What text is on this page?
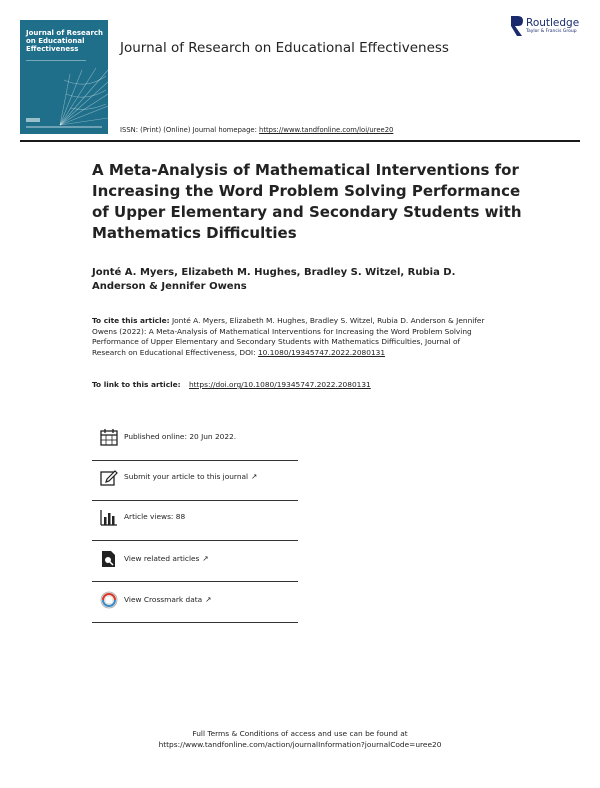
Journal of Research on Educational Effectiveness	Journal of Research on Educational Effectiveness
Routledge
Taylor & Francis Group
ISSN: (Print) (Online) Journal homepage: https://www.tandfonline.com/loi/uree20
A Meta-Analysis of Mathematical Interventions for Increasing the Word Problem Solving Performance of Upper Elementary and Secondary Students with Mathematics Difficulties
Jonté A. Myers, Elizabeth M. Hughes, Bradley S. Witzel, Rubia D. Anderson & Jennifer Owens
To cite this article: Jonté A. Myers, Elizabeth M. Hughes, Bradley S. Witzel, Rubia D. Anderson & Jennifer Owens (2022): A Meta-Analysis of Mathematical Interventions for Increasing the Word Problem Solving Performance of Upper Elementary and Secondary Students with Mathematics Difficulties, Journal of Research on Educational Effectiveness, DOI: 10.1080/19345747.2022.2080131
To link to this article: https://doi.org/10.1080/19345747.2022.2080131
Published online: 20 Jun 2022.
Submit your article to this journal ↗
Article views: 88
View related articles ↗
View Crossmark data ↗
Full Terms & Conditions of access and use can be found at
https://www.tandfonline.com/action/journalInformation?journalCode=uree20
